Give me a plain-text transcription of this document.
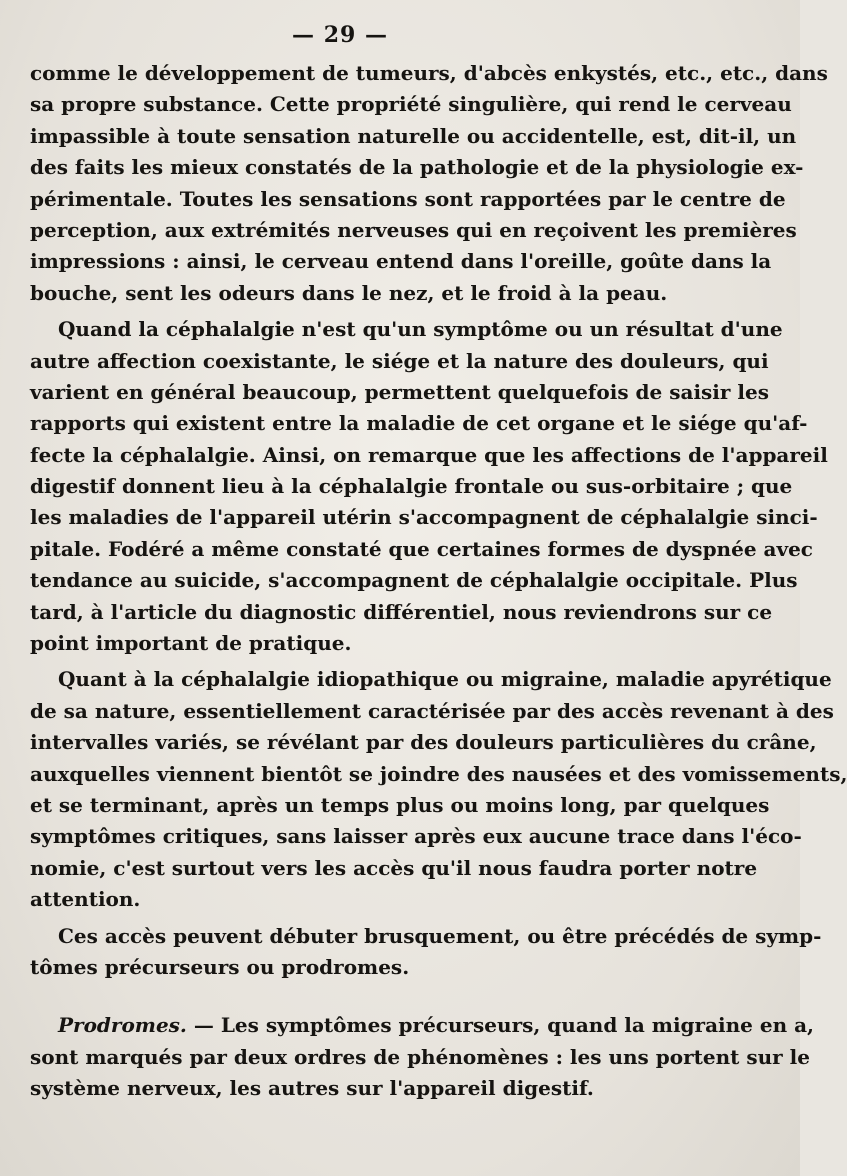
— 29 —
comme le développement de tumeurs, d'abcès enkystés, etc., etc., dans
sa propre substance. Cette propriété singulière, qui rend le cerveau
impassible à toute sensation naturelle ou accidentelle, est, dit-il, un
des faits les mieux constatés de la pathologie et de la physiologie ex-
périmentale. Toutes les sensations sont rapportées par le centre de
perception, aux extrémités nerveuses qui en reçoivent les premières
impressions : ainsi, le cerveau entend dans l'oreille, goûte dans la
bouche, sent les odeurs dans le nez, et le froid à la peau.
Quand la céphalalgie n'est qu'un symptôme ou un résultat d'une
autre affection coexistante, le siége et la nature des douleurs, qui
varient en général beaucoup, permettent quelquefois de saisir les
rapports qui existent entre la maladie de cet organe et le siége qu'af-
fecte la céphalalgie. Ainsi, on remarque que les affections de l'appareil
digestif donnent lieu à la céphalalgie frontale ou sus-orbitaire ; que
les maladies de l'appareil utérin s'accompagnent de céphalalgie sinci-
pitale. Fodéré a même constaté que certaines formes de dyspnée avec
tendance au suicide, s'accompagnent de céphalalgie occipitale. Plus
tard, à l'article du diagnostic différentiel, nous reviendrons sur ce
point important de pratique.
Quant à la céphalalgie idiopathique ou migraine, maladie apyrétique
de sa nature, essentiellement caractérisée par des accès revenant à des
intervalles variés, se révélant par des douleurs particulières du crâne,
auxquelles viennent bientôt se joindre des nausées et des vomissements,
et se terminant, après un temps plus ou moins long, par quelques
symptômes critiques, sans laisser après eux aucune trace dans l'éco-
nomie, c'est surtout vers les accès qu'il nous faudra porter notre
attention.
Ces accès peuvent débuter brusquement, ou être précédés de symp-
tômes précurseurs ou prodromes.
Prodromes. — Les symptômes précurseurs, quand la migraine en a,
sont marqués par deux ordres de phénomènes : les uns portent sur le
système nerveux, les autres sur l'appareil digestif.
